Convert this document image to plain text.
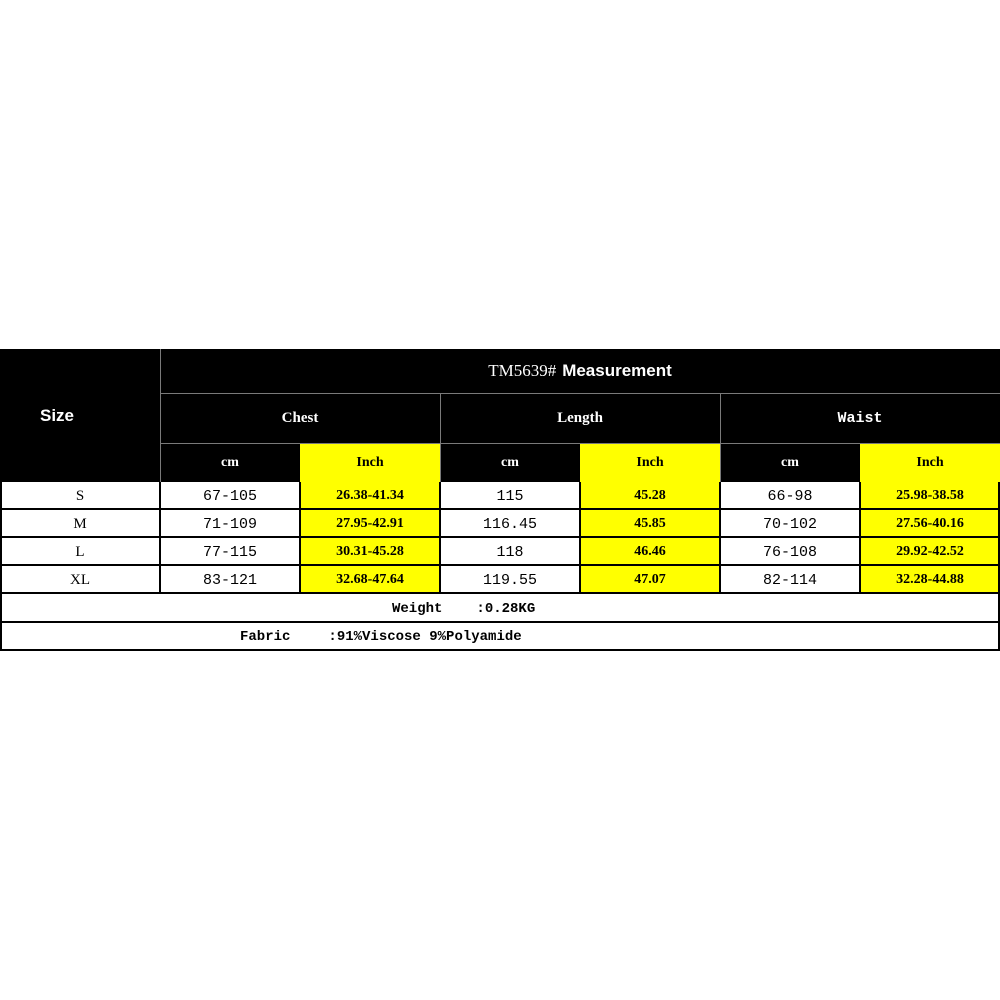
Size
TM5639# Measurement
Chest	Length	Waist
cm	Inch	cm	Inch	cm	Inch
S	67-105	26.38-41.34	115	45.28	66-98	25.98-38.58
M	71-109	27.95-42.91	116.45	45.85	70-102	27.56-40.16
L	77-115	30.31-45.28	118	46.46	76-108	29.92-42.52
XL	83-121	32.68-47.64	119.55	47.07	82-114	32.28-44.88
Weight :0.28KG
Fabric	:91%Viscose 9%Polyamide
